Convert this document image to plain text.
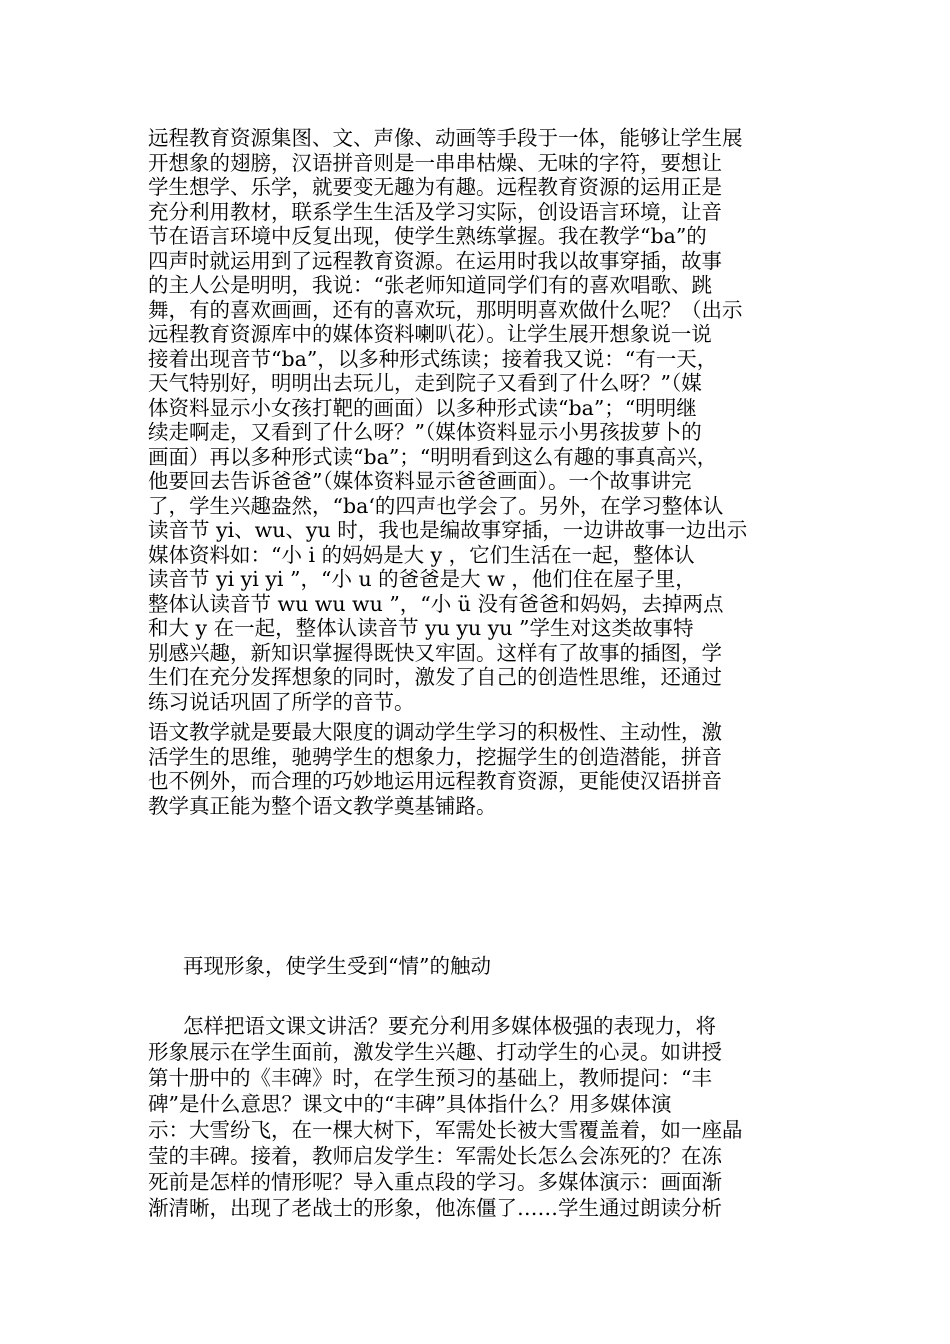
远程教育资源集图、文、声像、动画等手段于一体，能够让学生展
开想象的翅膀，汉语拼音则是一串串枯燥、无味的字符，要想让
学生想学、乐学，就要变无趣为有趣。远程教育资源的运用正是
充分利用教材，联系学生生活及学习实际，创设语言环境，让音
节在语言环境中反复出现，使学生熟练掌握。我在教学“ba”的
四声时就运用到了远程教育资源。在运用时我以故事穿插，故事
的主人公是明明，我说：“张老师知道同学们有的喜欢唱歌、跳
舞，有的喜欢画画，还有的喜欢玩，那明明喜欢做什么呢？（出示
远程教育资源库中的媒体资料喇叭花）。让学生展开想象说一说
接着出现音节“ba”，以多种形式练读；接着我又说：“有一天，
天气特别好，明明出去玩儿，走到院子又看到了什么呀？”（媒
体资料显示小女孩打靶的画面）以多种形式读“ba”；“明明继
续走啊走，又看到了什么呀？”（媒体资料显示小男孩拔萝卜的
画面）再以多种形式读“ba”；“明明看到这么有趣的事真高兴，
他要回去告诉爸爸”（媒体资料显示爸爸画面）。一个故事讲完
了，学生兴趣盎然，“ba‘的四声也学会了。另外，在学习整体认
读音节 yi、wu、yu 时，我也是编故事穿插，一边讲故事一边出示
媒体资料如：“小 i 的妈妈是大 y ，它们生活在一起，整体认
读音节 yi yi yi ”，“小 u 的爸爸是大 w ，他们住在屋子里，
整体认读音节 wu wu wu ”，“小 ü 没有爸爸和妈妈，去掉两点
和大 y 在一起，整体认读音节 yu yu yu ”学生对这类故事特
别感兴趣，新知识掌握得既快又牢固。这样有了故事的插图，学
生们在充分发挥想象的同时，激发了自己的创造性思维，还通过
练习说话巩固了所学的音节。
语文教学就是要最大限度的调动学生学习的积极性、主动性，激
活学生的思维，驰骋学生的想象力，挖掘学生的创造潜能，拼音
也不例外，而合理的巧妙地运用远程教育资源，更能使汉语拼音
教学真正能为整个语文教学奠基铺路。
再现形象，使学生受到“情”的触动
怎样把语文课文讲活？要充分利用多媒体极强的表现力，将
形象展示在学生面前，激发学生兴趣、打动学生的心灵。如讲授
第十册中的《丰碑》时，在学生预习的基础上，教师提问：“丰
碑”是什么意思？课文中的“丰碑”具体指什么？用多媒体演
示：大雪纷飞，在一棵大树下，军需处长被大雪覆盖着，如一座晶
莹的丰碑。接着，教师启发学生：军需处长怎么会冻死的？在冻
死前是怎样的情形呢？导入重点段的学习。多媒体演示：画面渐
渐清晰，出现了老战士的形象，他冻僵了……学生通过朗读分析
